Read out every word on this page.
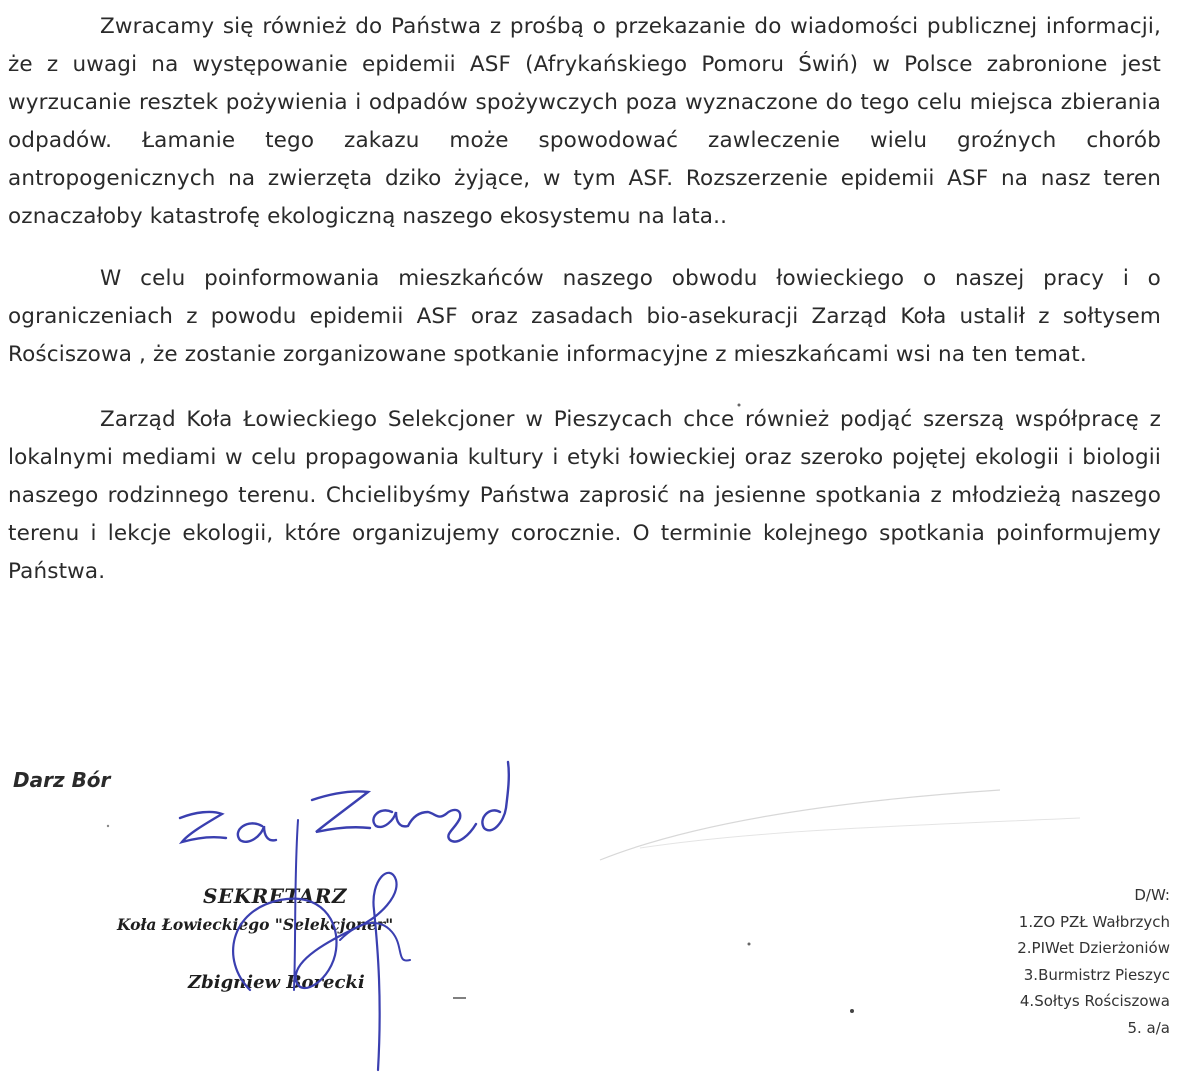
Zwracamy się również do Państwa z prośbą o przekazanie do wiadomości publicznej informacji, że z uwagi na występowanie epidemii ASF (Afrykańskiego Pomoru Świń) w Polsce zabronione jest wyrzucanie resztek pożywienia i odpadów spożywczych poza wyznaczone do tego celu miejsca zbierania odpadów. Łamanie tego zakazu może spowodować zawleczenie wielu groźnych chorób antropogenicznych na zwierzęta dziko żyjące, w tym ASF. Rozszerzenie epidemii ASF na nasz teren oznaczałoby katastrofę ekologiczną naszego ekosystemu na lata..

W celu poinformowania mieszkańców naszego obwodu łowieckiego o naszej pracy i o ograniczeniach z powodu epidemii ASF oraz zasadach bio-asekuracji Zarząd Koła ustalił z sołtysem Rościszowa , że zostanie zorganizowane spotkanie informacyjne z mieszkańcami wsi na ten temat.

Zarząd Koła Łowieckiego Selekcjoner w Pieszycach chce również podjąć szerszą współpracę z lokalnymi mediami w celu propagowania kultury i etyki łowieckiej oraz szeroko pojętej ekologii i biologii naszego rodzinnego terenu. Chcielibyśmy Państwa zaprosić na jesienne spotkania z młodzieżą naszego terenu i lekcje ekologii, które organizujemy corocznie. O terminie kolejnego spotkania poinformujemy Państwa.

Darz Bór
SEKRETARZ
Koła Łowieckiego "Selekcjoner"
Zbigniew Borecki
D/W:
1.ZO PZŁ Wałbrzych
2.PIWet Dzierżoniów
3.Burmistrz Pieszyc
4.Sołtys Rościszowa
5. a/a
